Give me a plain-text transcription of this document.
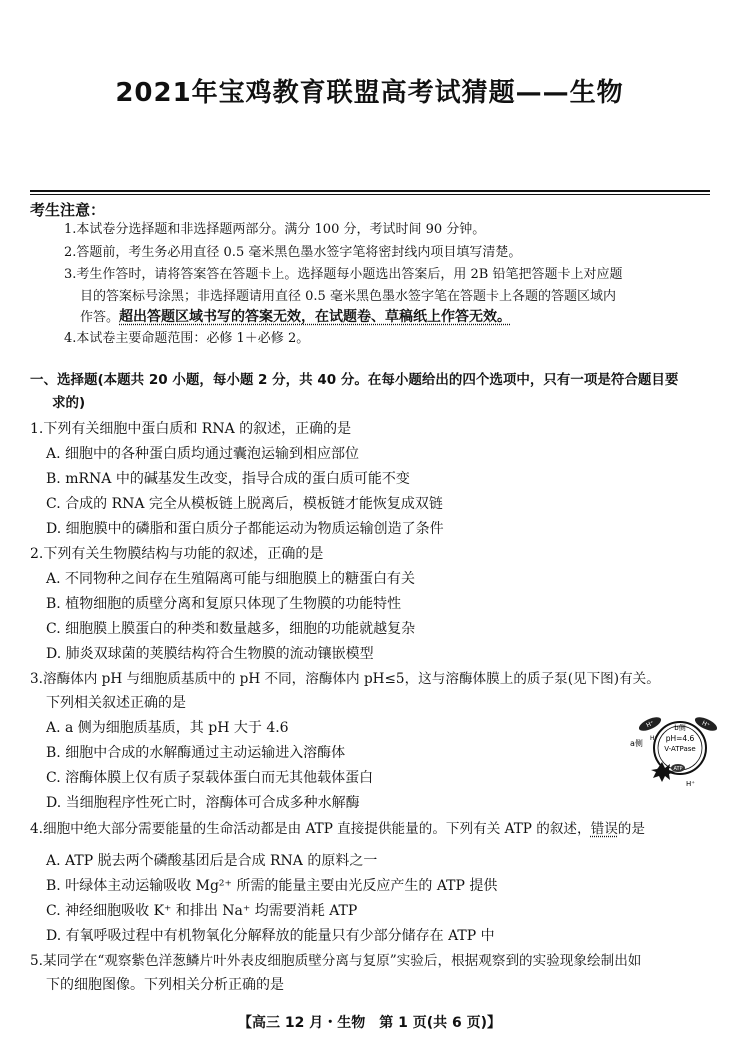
2021年宝鸡教育联盟高考试猜题——生物
考生注意：
1.本试卷分选择题和非选择题两部分。满分 100 分，考试时间 90 分钟。
2.答题前，考生务必用直径 0.5 毫米黑色墨水签字笔将密封线内项目填写清楚。
3.考生作答时，请将答案答在答题卡上。选择题每小题选出答案后，用 2B 铅笔把答题卡上对应题
目的答案标号涂黑；非选择题请用直径 0.5 毫米黑色墨水签字笔在答题卡上各题的答题区域内
作答。超出答题区域书写的答案无效，在试题卷、草稿纸上作答无效。
4.本试卷主要命题范围：必修 1＋必修 2。
一、选择题(本题共 20 小题，每小题 2 分，共 40 分。在每小题给出的四个选项中，只有一项是符合题目要
求的)
1.下列有关细胞中蛋白质和 RNA 的叙述，正确的是
A. 细胞中的各种蛋白质均通过囊泡运输到相应部位
B. mRNA 中的碱基发生改变，指导合成的蛋白质可能不变
C. 合成的 RNA 完全从模板链上脱离后，模板链才能恢复成双链
D. 细胞膜中的磷脂和蛋白质分子都能运动为物质运输创造了条件
2.下列有关生物膜结构与功能的叙述，正确的是
A. 不同物种之间存在生殖隔离可能与细胞膜上的糖蛋白有关
B. 植物细胞的质壁分离和复原只体现了生物膜的功能特性
C. 细胞膜上膜蛋白的种类和数量越多，细胞的功能就越复杂
D. 肺炎双球菌的荚膜结构符合生物膜的流动镶嵌模型
3.溶酶体内 pH 与细胞质基质中的 pH 不同，溶酶体内 pH≤5，这与溶酶体膜上的质子泵(见下图)有关。
下列相关叙述正确的是
A. a 侧为细胞质基质，其 pH 大于 4.6
B. 细胞中合成的水解酶通过主动运输进入溶酶体
C. 溶酶体膜上仅有质子泵载体蛋白而无其他载体蛋白
D. 当细胞程序性死亡时，溶酶体可合成多种水解酶
H⁺	H⁺
b侧
pH=4.6
V-ATPase
a侧
H⁺
ATP
H⁺
4.细胞中绝大部分需要能量的生命活动都是由 ATP 直接提供能量的。下列有关 ATP 的叙述，错误的是
A. ATP 脱去两个磷酸基团后是合成 RNA 的原料之一
B. 叶绿体主动运输吸收 Mg²⁺ 所需的能量主要由光反应产生的 ATP 提供
C. 神经细胞吸收 K⁺ 和排出 Na⁺ 均需要消耗 ATP
D. 有氧呼吸过程中有机物氧化分解释放的能量只有少部分储存在 ATP 中
5.某同学在“观察紫色洋葱鳞片叶外表皮细胞质壁分离与复原”实验后，根据观察到的实验现象绘制出如
下的细胞图像。下列相关分析正确的是
【高三 12 月・生物　第 1 页(共 6 页)】
